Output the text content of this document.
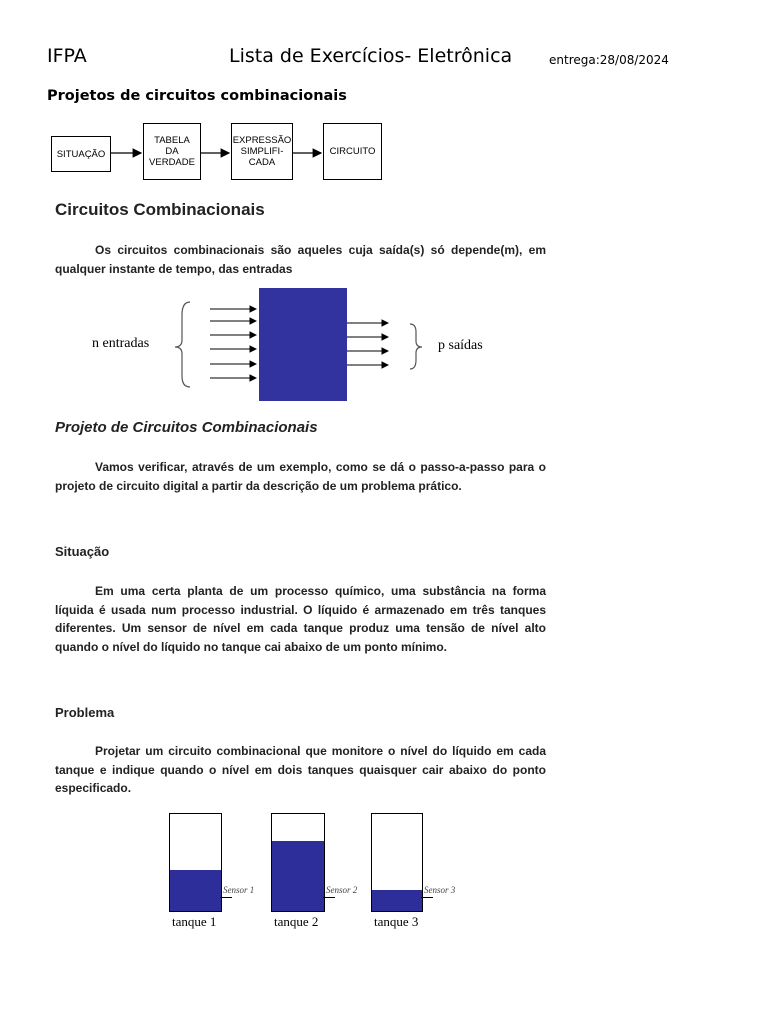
IFPA	Lista de Exercícios- Eletrônica	entrega:28/08/2024
Projetos de circuitos combinacionais
SITUAÇÃO
TABELA
DA
VERDADE
EXPRESSÃO
SIMPLIFI-
CADA
CIRCUITO
Circuitos Combinacionais
Os circuitos combinacionais são aqueles cuja saída(s) só depende(m), em qualquer instante de tempo, das entradas
n entradas	p saídas
Projeto de Circuitos Combinacionais
Vamos verificar, através de um exemplo, como se dá o passo-a-passo para o projeto de circuito digital a partir da descrição de um problema prático.
Situação
Em uma certa planta de um processo químico, uma substância na forma líquida é usada num processo industrial. O líquido é armazenado em três tanques diferentes. Um sensor de nível em cada tanque produz uma tensão de nível alto quando o nível do líquido no tanque cai abaixo de um ponto mínimo.
Problema
Projetar um circuito combinacional que monitore o nível do líquido em cada tanque e indique quando o nível em dois tanques quaisquer cair abaixo do ponto especificado.
Sensor 1
tanque 1
Sensor 2
tanque 2
Sensor 3
tanque 3
